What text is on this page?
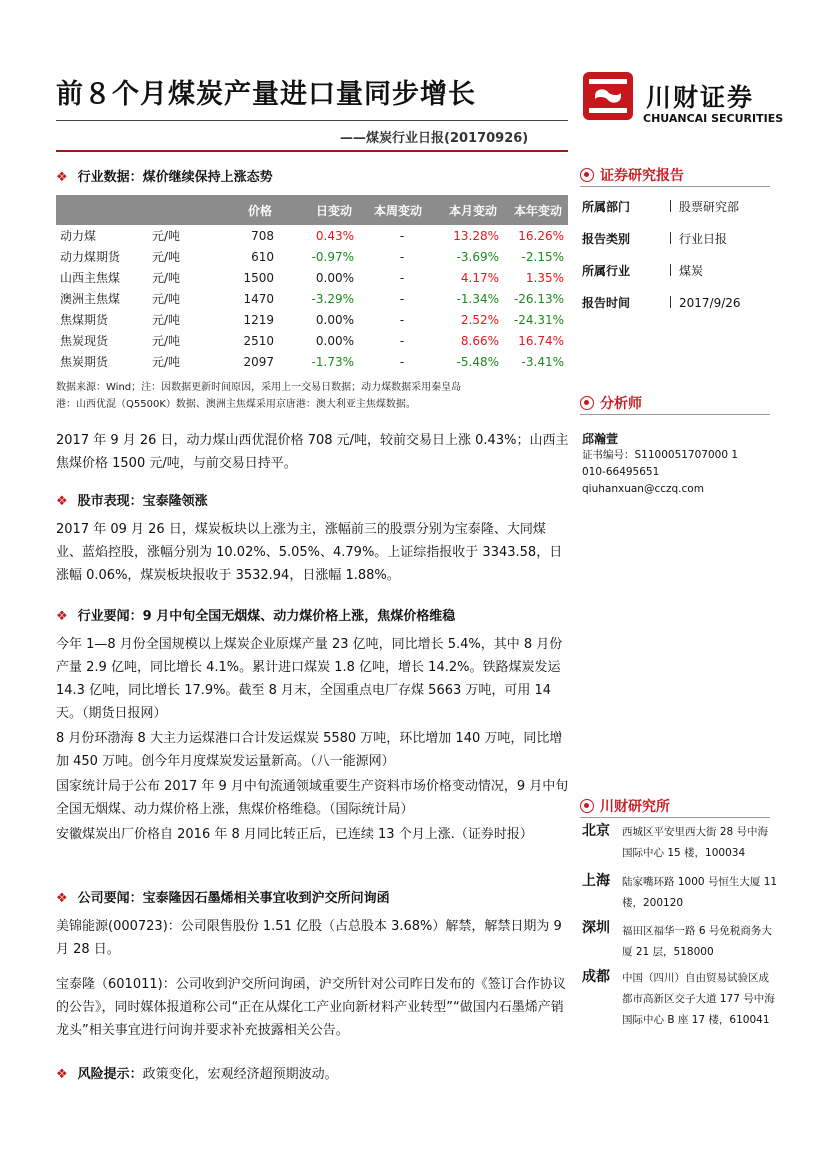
前８个月煤炭产量进口量同步增长
——煤炭行业日报(20170926)
川财证券
CHUANCAI SECURITIES
❖ 行业数据：煤价继续保持上涨态势
		价格	日变动	本周变动	本月变动	本年变动
动力煤	元/吨	708	0.43%	-	13.28%	16.26%
动力煤期货	元/吨	610	-0.97%	-	-3.69%	-2.15%
山西主焦煤	元/吨	1500	0.00%	-	4.17%	1.35%
澳洲主焦煤	元/吨	1470	-3.29%	-	-1.34%	-26.13%
焦煤期货	元/吨	1219	0.00%	-	2.52%	-24.31%
焦炭现货	元/吨	2510	0.00%	-	8.66%	16.74%
焦炭期货	元/吨	2097	-1.73%	-	-5.48%	-3.41%
数据来源：Wind；注：因数据更新时间原因，采用上一交易日数据；动力煤数据采用秦皇岛
港：山西优混（Q5500K）数据、澳洲主焦煤采用京唐港：澳大利亚主焦煤数据。

2017 年 9 月 26 日，动力煤山西优混价格 708 元/吨，较前交易日上涨 0.43%；山西主焦煤价格 1500 元/吨，与前交易日持平。

❖ 股市表现：宝泰隆领涨

2017 年 09 月 26 日，煤炭板块以上涨为主，涨幅前三的股票分别为宝泰隆、大同煤业、蓝焰控股，涨幅分别为 10.02%、5.05%、4.79%。上证综指报收于 3343.58，日涨幅 0.06%，煤炭板块报收于 3532.94，日涨幅 1.88%。

❖ 行业要闻：9 月中旬全国无烟煤、动力煤价格上涨，焦煤价格维稳

今年 1—8 月份全国规模以上煤炭企业原煤产量 23 亿吨，同比增长 5.4%，其中 8 月份产量 2.9 亿吨，同比增长 4.1%。累计进口煤炭 1.8 亿吨，增长 14.2%。铁路煤炭发运 14.3 亿吨，同比增长 17.9%。截至 8 月末，全国重点电厂存煤 5663 万吨，可用 14 天。（期货日报网）

8 月份环渤海 8 大主力运煤港口合计发运煤炭 5580 万吨，环比增加 140 万吨，同比增加 450 万吨。创今年月度煤炭发运量新高。（八一能源网）

国家统计局于公布 2017 年 9 月中旬流通领域重要生产资料市场价格变动情况，9 月中旬全国无烟煤、动力煤价格上涨，焦煤价格维稳。（国际统计局）

安徽煤炭出厂价格自 2016 年 8 月同比转正后，已连续 13 个月上涨.（证券时报）

❖ 公司要闻：宝泰隆因石墨烯相关事宜收到沪交所问询函

美锦能源(000723)：公司限售股份 1.51 亿股（占总股本 3.68%）解禁，解禁日期为 9 月 28 日。

宝泰隆（601011)：公司收到沪交所问询函，沪交所针对公司昨日发布的《签订合作协议的公告》，同时媒体报道称公司“正在从煤化工产业向新材料产业转型”“做国内石墨烯产销龙头”相关事宜进行问询并要求补充披露相关公告。

❖ 风险提示：政策变化，宏观经济超预期波动。
证券研究报告
所属部门	股票研究部
报告类别	行业日报
所属行业	煤炭
报告时间	2017/9/26
分析师
邱瀚萱
证书编号：S1100051707000 1
010-66495651
qiuhanxuan@cczq.com
川财研究所
北京 西城区平安里西大街 28 号中海国际中心 15 楼，100034
上海 陆家嘴环路 1000 号恒生大厦 11 楼，200120
深圳 福田区福华一路 6 号免税商务大厦 21 层，518000
成都 中国（四川）自由贸易试验区成都市高新区交子大道 177 号中海国际中心 B 座 17 楼，610041
